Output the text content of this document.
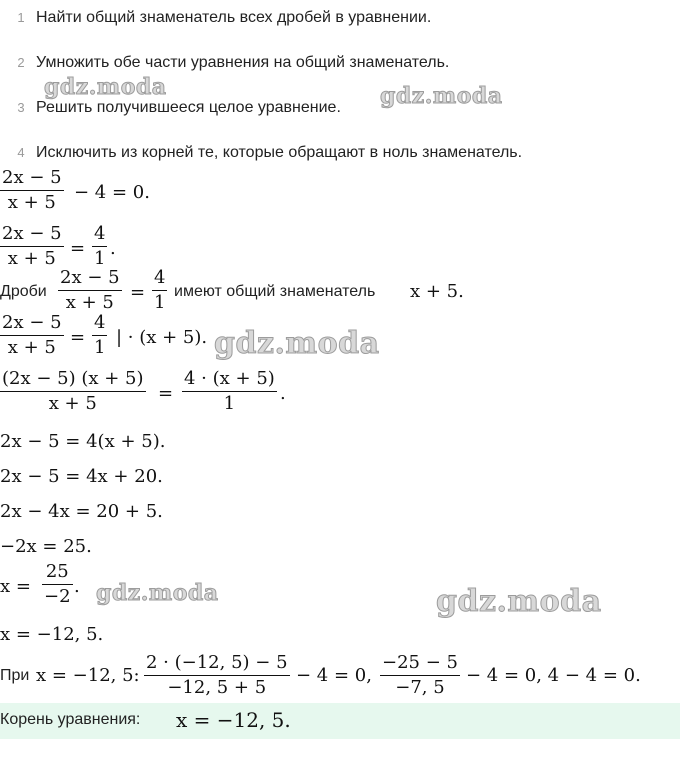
1 Найти общий знаменатель всех дробей в уравнении.
2 Умножить обе части уравнения на общий знаменатель.
3 Решить получившееся целое уравнение.
4 Исключить из корней те, которые обращают в ноль знаменатель.
$\frac{2x - 5}{x + 5} - 4 = 0$.
$\frac{2x - 5}{x + 5} = \frac{4}{1}$ .
Дроби $\frac{2x - 5}{x + 5} = \frac{4}{1}$ имеют общий знаменатель x + 5.
$\frac{2x - 5}{x + 5} = \frac{4}{1}$ | · (x + 5).
$\frac{(2x - 5) (x + 5)}{x + 5} = \frac{4 \cdot (x + 5)}{1}$ .
2x − 5 = 4(x + 5).
2x − 5 = 4x + 20.
2x − 4x = 20 + 5.
−2x = 25.
$x = \frac{25}{-2}$ .
x = −12, 5.
При x = −12, 5: $\frac{2 \cdot (-12, 5) - 5}{-12, 5 + 5} - 4 = 0$, $\frac{-25 - 5}{-7, 5} - 4 = 0$, 4 − 4 = 0.
Корень уравнения: x = −12, 5.
gdz.moda	gdz.moda
gdz.moda
gdz.moda	gdz.moda
